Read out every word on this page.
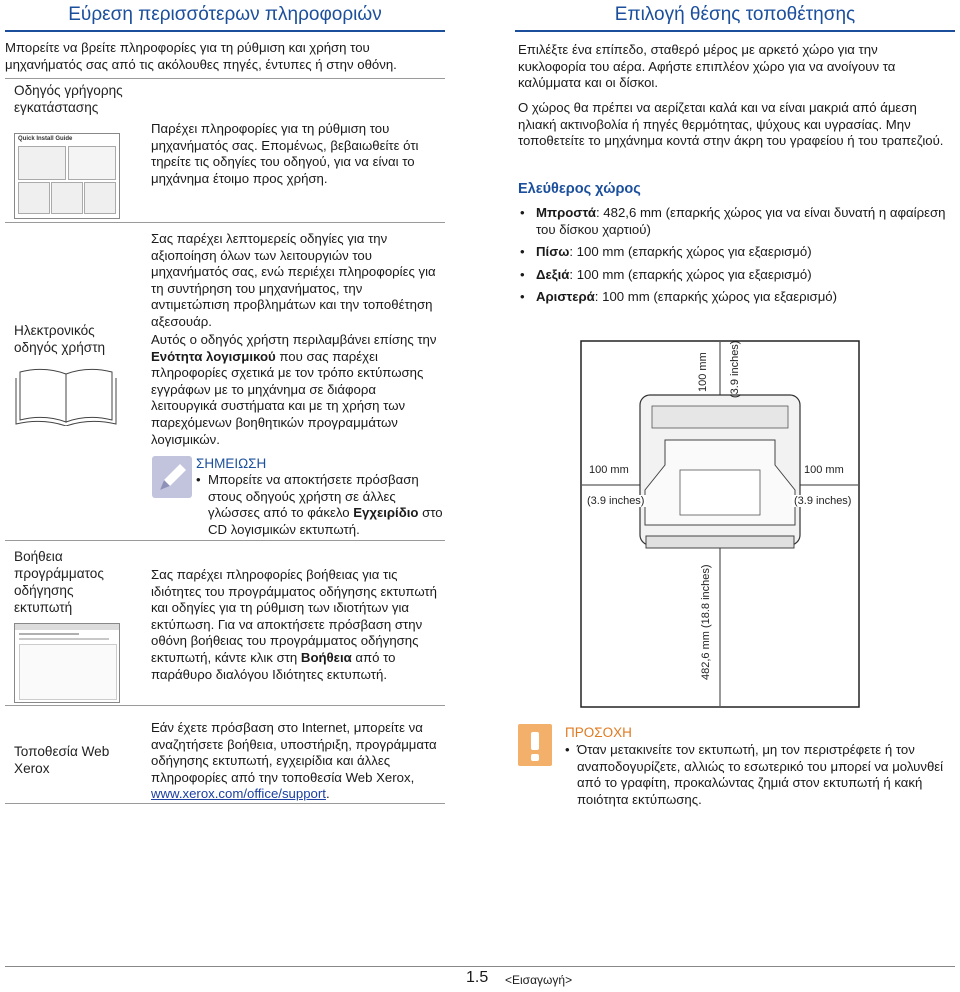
Εύρεση περισσότερων πληροφοριών
Μπορείτε να βρείτε πληροφορίες για τη ρύθμιση και χρήση του μηχανήματός σας από τις ακόλουθες πηγές, έντυπες ή στην οθόνη.
Οδηγός γρήγορης εγκατάστασης
Quick Install Guide
Παρέχει πληροφορίες για τη ρύθμιση του μηχανήματός σας. Επομένως, βεβαιωθείτε ότι τηρείτε τις οδηγίες του οδηγού, για να είναι το μηχάνημα έτοιμο προς χρήση.
Ηλεκτρονικός οδηγός χρήστη
Σας παρέχει λεπτομερείς οδηγίες για την αξιοποίηση όλων των λειτουργιών του μηχανήματός σας, ενώ περιέχει πληροφορίες για τη συντήρηση του μηχανήματος, την αντιμετώπιση προβλημάτων και την τοποθέτηση αξεσουάρ.
Αυτός ο οδηγός χρήστη περιλαμβάνει επίσης την Ενότητα λογισμικού που σας παρέχει πληροφορίες σχετικά με τον τρόπο εκτύπωσης εγγράφων με το μηχάνημα σε διάφορα λειτουργικά συστήματα και με τη χρήση των παρεχόμενων βοηθητικών προγραμμάτων λογισμικών.
ΣΗΜΕΙΩΣΗ
• Μπορείτε να αποκτήσετε πρόσβαση στους οδηγούς χρήστη σε άλλες γλώσσες από το φάκελο Εγχειρίδιο στο CD λογισμικών εκτυπωτή.
Βοήθεια προγράμματος οδήγησης εκτυπωτή
Σας παρέχει πληροφορίες βοήθειας για τις ιδιότητες του προγράμματος οδήγησης εκτυπωτή και οδηγίες για τη ρύθμιση των ιδιοτήτων για εκτύπωση. Για να αποκτήσετε πρόσβαση στην οθόνη βοήθειας του προγράμματος οδήγησης εκτυπωτή, κάντε κλικ στη Βοήθεια από το παράθυρο διαλόγου Ιδιότητες εκτυπωτή.
Τοποθεσία Web Xerox
Εάν έχετε πρόσβαση στο Internet, μπορείτε να αναζητήσετε βοήθεια, υποστήριξη, προγράμματα οδήγησης εκτυπωτή, εγχειρίδια και άλλες πληροφορίες από την τοποθεσία Web Xerox, www.xerox.com/office/support.
Επιλογή θέσης τοποθέτησης
Επιλέξτε ένα επίπεδο, σταθερό μέρος με αρκετό χώρο για την κυκλοφορία του αέρα. Αφήστε επιπλέον χώρο για να ανοίγουν τα καλύμματα και οι δίσκοι.
Ο χώρος θα πρέπει να αερίζεται καλά και να είναι μακριά από άμεση ηλιακή ακτινοβολία ή πηγές θερμότητας, ψύχους και υγρασίας. Μην τοποθετείτε το μηχάνημα κοντά στην άκρη του γραφείου ή του τραπεζιού.
Ελεύθερος χώρος
• Μπροστά: 482,6 mm (επαρκής χώρος για να είναι δυνατή η αφαίρεση του δίσκου χαρτιού)
• Πίσω: 100 mm (επαρκής χώρος για εξαερισμό)
• Δεξιά: 100 mm (επαρκής χώρος για εξαερισμό)
• Αριστερά: 100 mm (επαρκής χώρος για εξαερισμό)
100 mm (3.9 inches)
482,6 mm (18.8 inches)
100 mm
(3.9 inches)
100 mm
(3.9 inches)
ΠΡΟΣΟΧΗ
• Όταν μετακινείτε τον εκτυπωτή, μη τον περιστρέφετε ή τον αναποδογυρίζετε, αλλιώς το εσωτερικό του μπορεί να μολυνθεί από το γραφίτη, προκαλώντας ζημιά στον εκτυπωτή ή κακή ποιότητα εκτύπωσης.
1.5 <Εισαγωγή>
